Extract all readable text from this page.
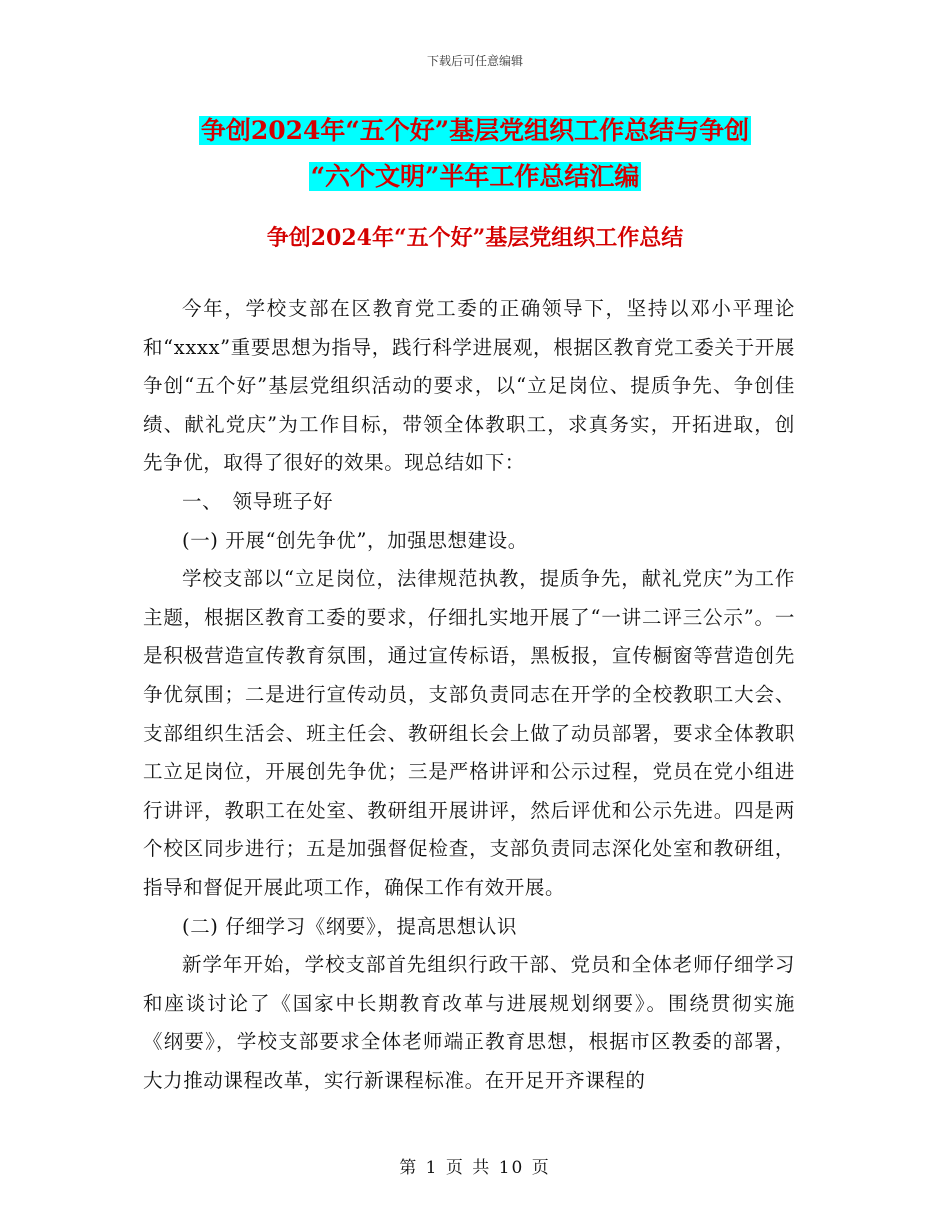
下载后可任意编辑
争创2024年“五个好”基层党组织工作总结与争创
“六个文明”半年工作总结汇编
争创2024年“五个好”基层党组织工作总结

今年，学校支部在区教育党工委的正确领导下，坚持以邓小平理论和“xxxx”重要思想为指导，践行科学进展观，根据区教育党工委关于开展争创“五个好”基层党组织活动的要求，以“立足岗位、提质争先、争创佳绩、献礼党庆”为工作目标，带领全体教职工，求真务实，开拓进取，创先争优，取得了很好的效果。现总结如下：

一、　领导班子好

(一) 开展“创先争优”，加强思想建设。

学校支部以“立足岗位，法律规范执教，提质争先，献礼党庆”为工作主题，根据区教育工委的要求，仔细扎实地开展了“一讲二评三公示”。一是积极营造宣传教育氛围，通过宣传标语，黑板报，宣传橱窗等营造创先争优氛围；二是进行宣传动员，支部负责同志在开学的全校教职工大会、支部组织生活会、班主任会、教研组长会上做了动员部署，要求全体教职工立足岗位，开展创先争优；三是严格讲评和公示过程，党员在党小组进行讲评，教职工在处室、教研组开展讲评，然后评优和公示先进。四是两个校区同步进行；五是加强督促检查，支部负责同志深化处室和教研组，指导和督促开展此项工作，确保工作有效开展。

(二) 仔细学习《纲要》，提高思想认识

新学年开始，学校支部首先组织行政干部、党员和全体老师仔细学习和座谈讨论了《国家中长期教育改革与进展规划纲要》。围绕贯彻实施《纲要》，学校支部要求全体老师端正教育思想，根据市区教委的部署，大力推动课程改革，实行新课程标准。在开足开齐课程的

第 1 页 共 10 页
